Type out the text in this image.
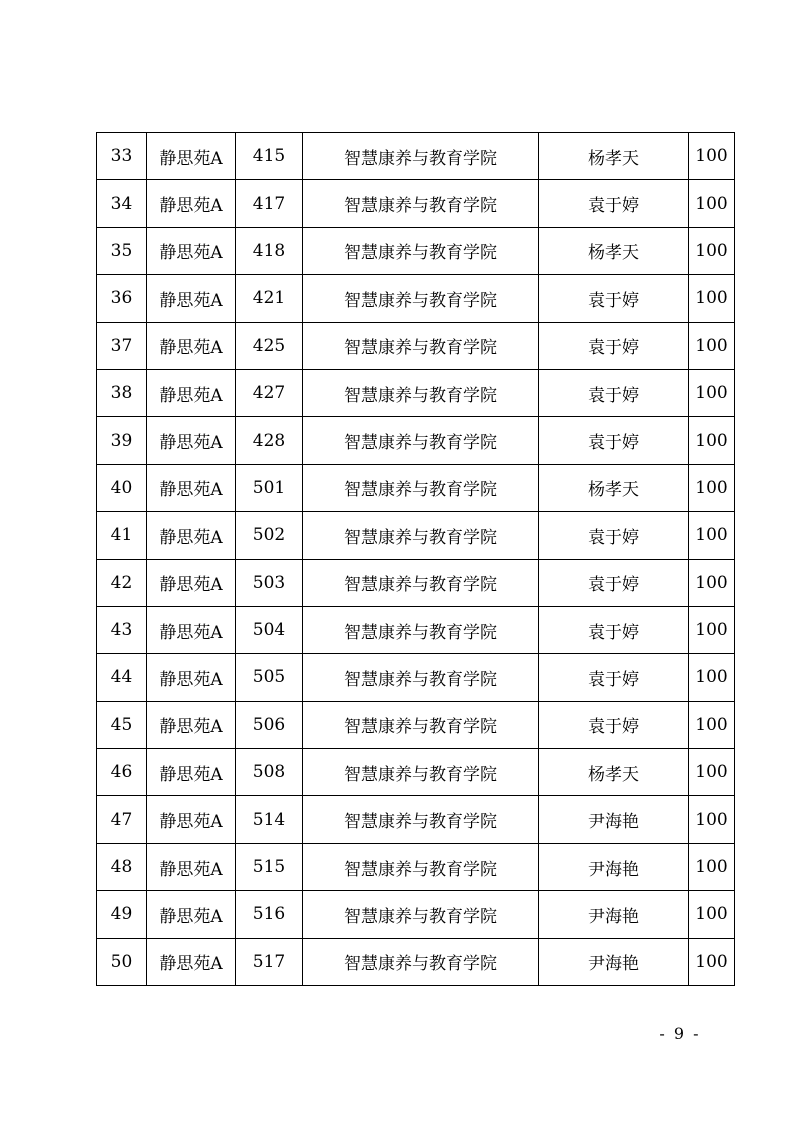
33	静思苑A	415	智慧康养与教育学院	杨孝天	100
34	静思苑A	417	智慧康养与教育学院	袁于婷	100
35	静思苑A	418	智慧康养与教育学院	杨孝天	100
36	静思苑A	421	智慧康养与教育学院	袁于婷	100
37	静思苑A	425	智慧康养与教育学院	袁于婷	100
38	静思苑A	427	智慧康养与教育学院	袁于婷	100
39	静思苑A	428	智慧康养与教育学院	袁于婷	100
40	静思苑A	501	智慧康养与教育学院	杨孝天	100
41	静思苑A	502	智慧康养与教育学院	袁于婷	100
42	静思苑A	503	智慧康养与教育学院	袁于婷	100
43	静思苑A	504	智慧康养与教育学院	袁于婷	100
44	静思苑A	505	智慧康养与教育学院	袁于婷	100
45	静思苑A	506	智慧康养与教育学院	袁于婷	100
46	静思苑A	508	智慧康养与教育学院	杨孝天	100
47	静思苑A	514	智慧康养与教育学院	尹海艳	100
48	静思苑A	515	智慧康养与教育学院	尹海艳	100
49	静思苑A	516	智慧康养与教育学院	尹海艳	100
50	静思苑A	517	智慧康养与教育学院	尹海艳	100
- 9 -
